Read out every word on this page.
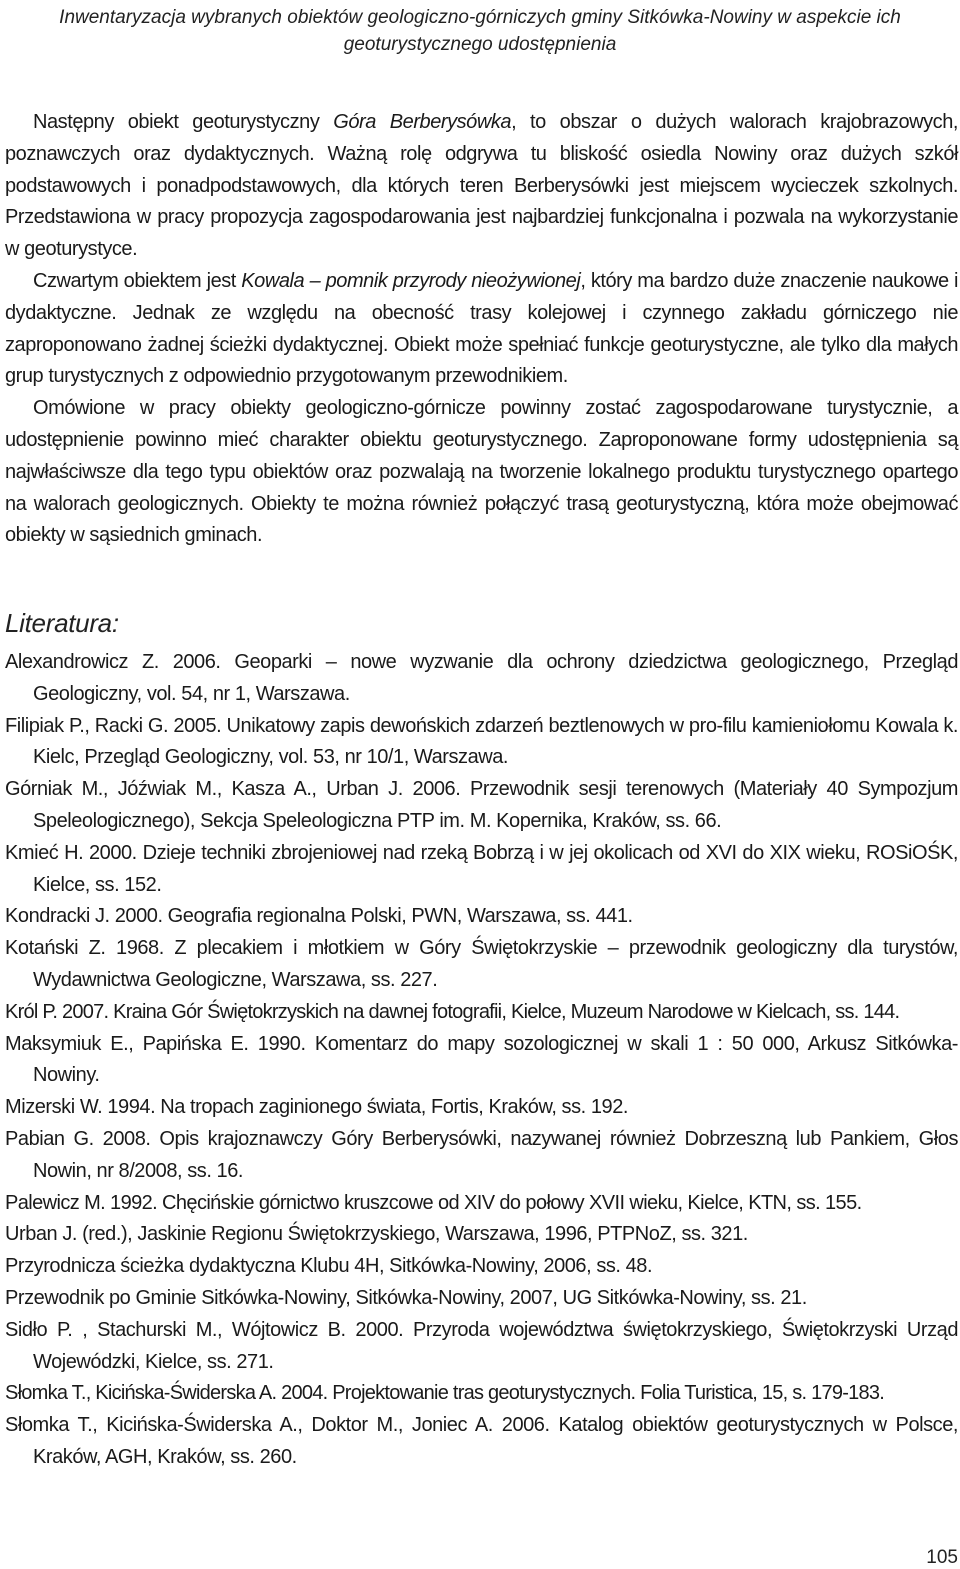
Inwentaryzacja wybranych obiektów geologiczno-górniczych gminy Sitkówka-Nowiny w aspekcie ich
geoturystycznego udostępnienia

Następny obiekt geoturystyczny Góra Berberysówka, to obszar o dużych walorach krajobrazowych, poznawczych oraz dydaktycznych. Ważną rolę odgrywa tu bliskość osiedla Nowiny oraz dużych szkół podstawowych i ponadpodstawowych, dla których teren Berberysówki jest miejscem wycieczek szkolnych. Przedstawiona w pracy propozycja zagospodarowania jest najbardziej funkcjonalna i pozwala na wykorzystanie w geoturystyce.

Czwartym obiektem jest Kowala – pomnik przyrody nieożywionej, który ma bardzo duże znaczenie naukowe i dydaktyczne. Jednak ze względu na obecność trasy kolejowej i czynnego zakładu górniczego nie zaproponowano żadnej ścieżki dydaktycznej. Obiekt może spełniać funkcje geoturystyczne, ale tylko dla małych grup turystycznych z odpowiednio przygotowanym przewodnikiem.

Omówione w pracy obiekty geologiczno-górnicze powinny zostać zagospodarowane turystycznie, a udostępnienie powinno mieć charakter obiektu geoturystycznego. Zaproponowane formy udostępnienia są najwłaściwsze dla tego typu obiektów oraz pozwalają na tworzenie lokalnego produktu turystycznego opartego na walorach geologicznych. Obiekty te można również połączyć trasą geoturystyczną, która może obejmować obiekty w sąsiednich gminach.

Literatura:
Alexandrowicz Z. 2006. Geoparki – nowe wyzwanie dla ochrony dziedzictwa geologicznego, Przegląd Geologiczny, vol. 54, nr 1, Warszawa.
Filipiak P., Racki G. 2005. Unikatowy zapis dewońskich zdarzeń beztlenowych w pro-filu kamieniołomu Kowala k. Kielc, Przegląd Geologiczny, vol. 53, nr 10/1, Warszawa.
Górniak M., Jóźwiak M., Kasza A., Urban J. 2006. Przewodnik sesji terenowych (Materiały 40 Sympozjum Speleologicznego), Sekcja Speleologiczna PTP im. M. Kopernika, Kraków, ss. 66.
Kmieć H. 2000. Dzieje techniki zbrojeniowej nad rzeką Bobrzą i w jej okolicach od XVI do XIX wieku, ROSiOŚK, Kielce, ss. 152.
Kondracki J. 2000. Geografia regionalna Polski, PWN, Warszawa, ss. 441.
Kotański Z. 1968. Z plecakiem i młotkiem w Góry Świętokrzyskie – przewodnik geologiczny dla turystów, Wydawnictwa Geologiczne, Warszawa, ss. 227.
Król P. 2007. Kraina Gór Świętokrzyskich na dawnej fotografii, Kielce, Muzeum Narodowe w Kielcach, ss. 144.
Maksymiuk E., Papińska E. 1990. Komentarz do mapy sozologicznej w skali 1 : 50 000, Arkusz Sitkówka-Nowiny.
Mizerski W. 1994. Na tropach zaginionego świata, Fortis, Kraków, ss. 192.
Pabian G. 2008. Opis krajoznawczy Góry Berberysówki, nazywanej również Dobrzeszną lub Pankiem, Głos Nowin, nr 8/2008, ss. 16.
Palewicz M. 1992. Chęcińskie górnictwo kruszcowe od XIV do połowy XVII wieku, Kielce, KTN, ss. 155.
Urban J. (red.), Jaskinie Regionu Świętokrzyskiego, Warszawa, 1996, PTPNoZ, ss. 321.
Przyrodnicza ścieżka dydaktyczna Klubu 4H, Sitkówka-Nowiny, 2006, ss. 48.
Przewodnik po Gminie Sitkówka-Nowiny, Sitkówka-Nowiny, 2007, UG Sitkówka-Nowiny, ss. 21.
Sidło P. , Stachurski M., Wójtowicz B. 2000. Przyroda województwa świętokrzyskiego, Świętokrzyski Urząd Wojewódzki, Kielce, ss. 271.
Słomka T., Kicińska-Świderska A. 2004. Projektowanie tras geoturystycznych. Folia Turistica, 15, s. 179-183.
Słomka T., Kicińska-Świderska A., Doktor M., Joniec A. 2006. Katalog obiektów geoturystycznych w Polsce, Kraków, AGH, Kraków, ss. 260.
105
